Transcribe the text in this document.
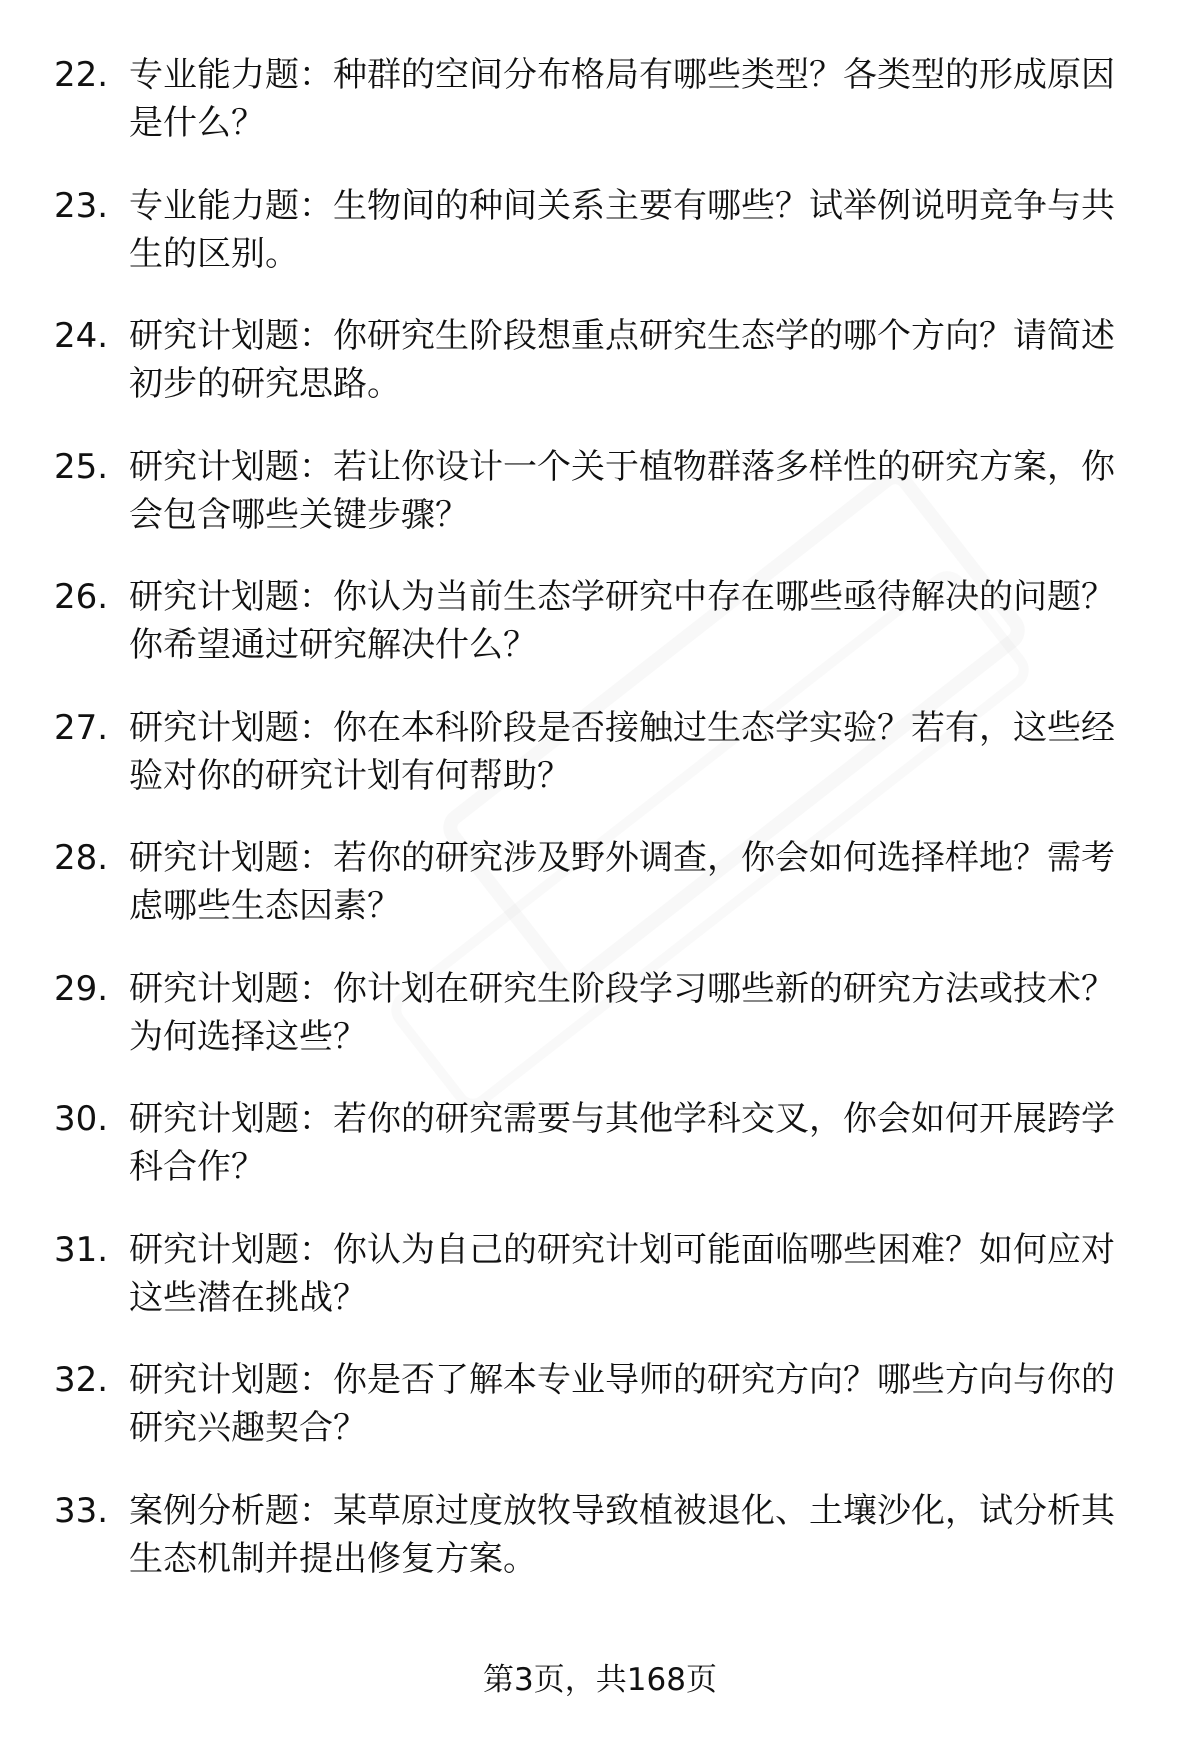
22. 专业能力题：种群的空间分布格局有哪些类型？各类型的形成原因是什么？
23. 专业能力题：生物间的种间关系主要有哪些？试举例说明竞争与共生的区别。
24. 研究计划题：你研究生阶段想重点研究生态学的哪个方向？请简述初步的研究思路。
25. 研究计划题：若让你设计一个关于植物群落多样性的研究方案，你会包含哪些关键步骤？
26. 研究计划题：你认为当前生态学研究中存在哪些亟待解决的问题？你希望通过研究解决什么？
27. 研究计划题：你在本科阶段是否接触过生态学实验？若有，这些经验对你的研究计划有何帮助？
28. 研究计划题：若你的研究涉及野外调查，你会如何选择样地？需考虑哪些生态因素？
29. 研究计划题：你计划在研究生阶段学习哪些新的研究方法或技术？为何选择这些？
30. 研究计划题：若你的研究需要与其他学科交叉，你会如何开展跨学科合作？
31. 研究计划题：你认为自己的研究计划可能面临哪些困难？如何应对这些潜在挑战？
32. 研究计划题：你是否了解本专业导师的研究方向？哪些方向与你的研究兴趣契合？
33. 案例分析题：某草原过度放牧导致植被退化、土壤沙化，试分析其生态机制并提出修复方案。
第3页，共168页
